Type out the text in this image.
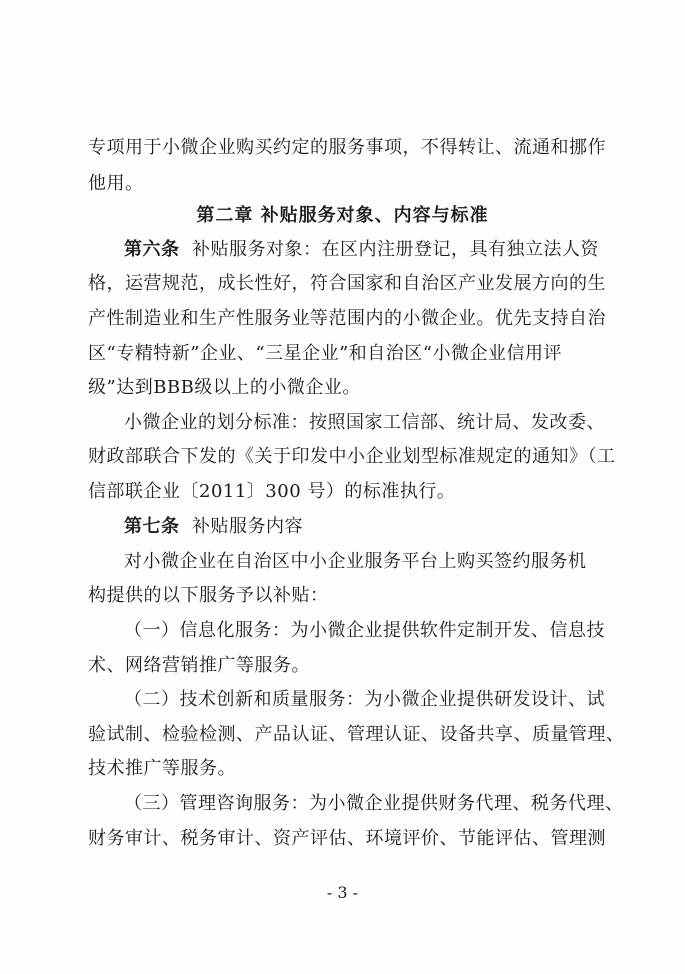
专项用于小微企业购买约定的服务事项，不得转让、流通和挪作
他用。
第二章 补贴服务对象、内容与标准
第六条 补贴服务对象：在区内注册登记，具有独立法人资
格，运营规范，成长性好，符合国家和自治区产业发展方向的生
产性制造业和生产性服务业等范围内的小微企业。优先支持自治
区“专精特新”企业、“三星企业”和自治区“小微企业信用评
级”达到BBB级以上的小微企业。
小微企业的划分标准：按照国家工信部、统计局、发改委、
财政部联合下发的《关于印发中小企业划型标准规定的通知》（工
信部联企业〔2011〕300 号）的标准执行。
第七条 补贴服务内容
对小微企业在自治区中小企业服务平台上购买签约服务机
构提供的以下服务予以补贴：
（一）信息化服务：为小微企业提供软件定制开发、信息技
术、网络营销推广等服务。
（二）技术创新和质量服务：为小微企业提供研发设计、试
验试制、检验检测、产品认证、管理认证、设备共享、质量管理、
技术推广等服务。
（三）管理咨询服务：为小微企业提供财务代理、税务代理、
财务审计、税务审计、资产评估、环境评价、节能评估、管理测
- 3 -
